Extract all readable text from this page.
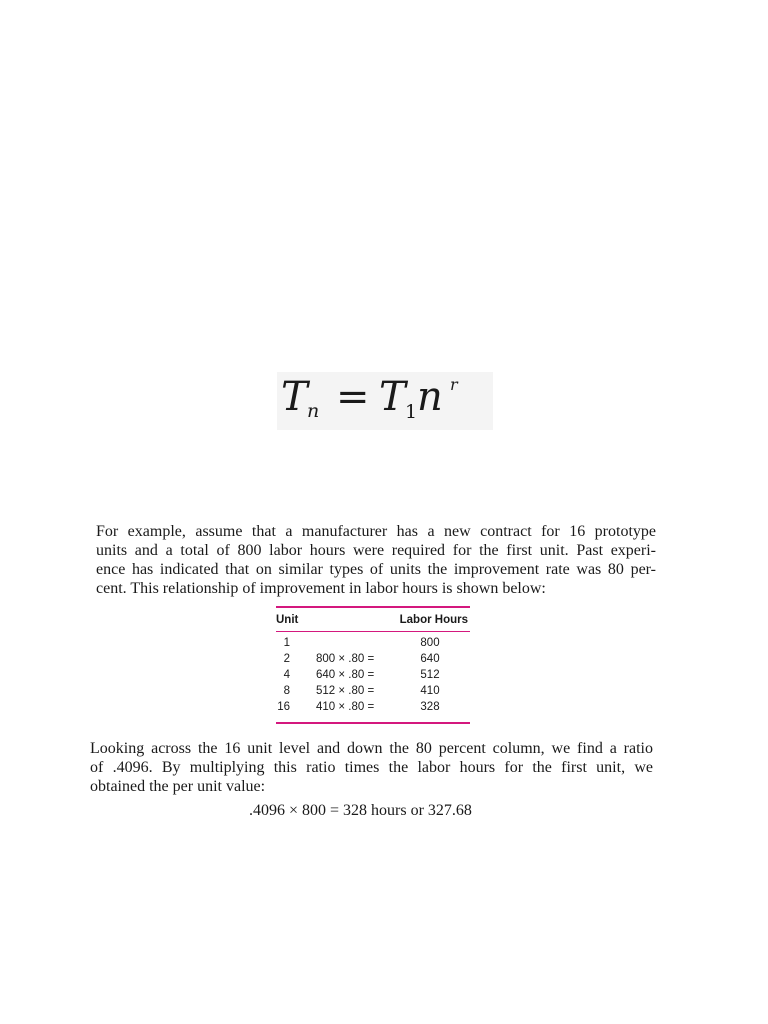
T n = T 1 n r
For example, assume that a manufacturer has a new contract for 16 prototype
units and a total of 800 labor hours were required for the first unit. Past experi-
ence has indicated that on similar types of units the improvement rate was 80 per-
cent. This relationship of improvement in labor hours is shown below:
Unit	Labor Hours
1	800
2 800 × .80 =	640
4 640 × .80 =	512
8 512 × .80 =	410
16 410 × .80 =	328
Looking across the 16 unit level and down the 80 percent column, we find a ratio
of .4096. By multiplying this ratio times the labor hours for the first unit, we
obtained the per unit value:
.4096 × 800 = 328 hours or 327.68
